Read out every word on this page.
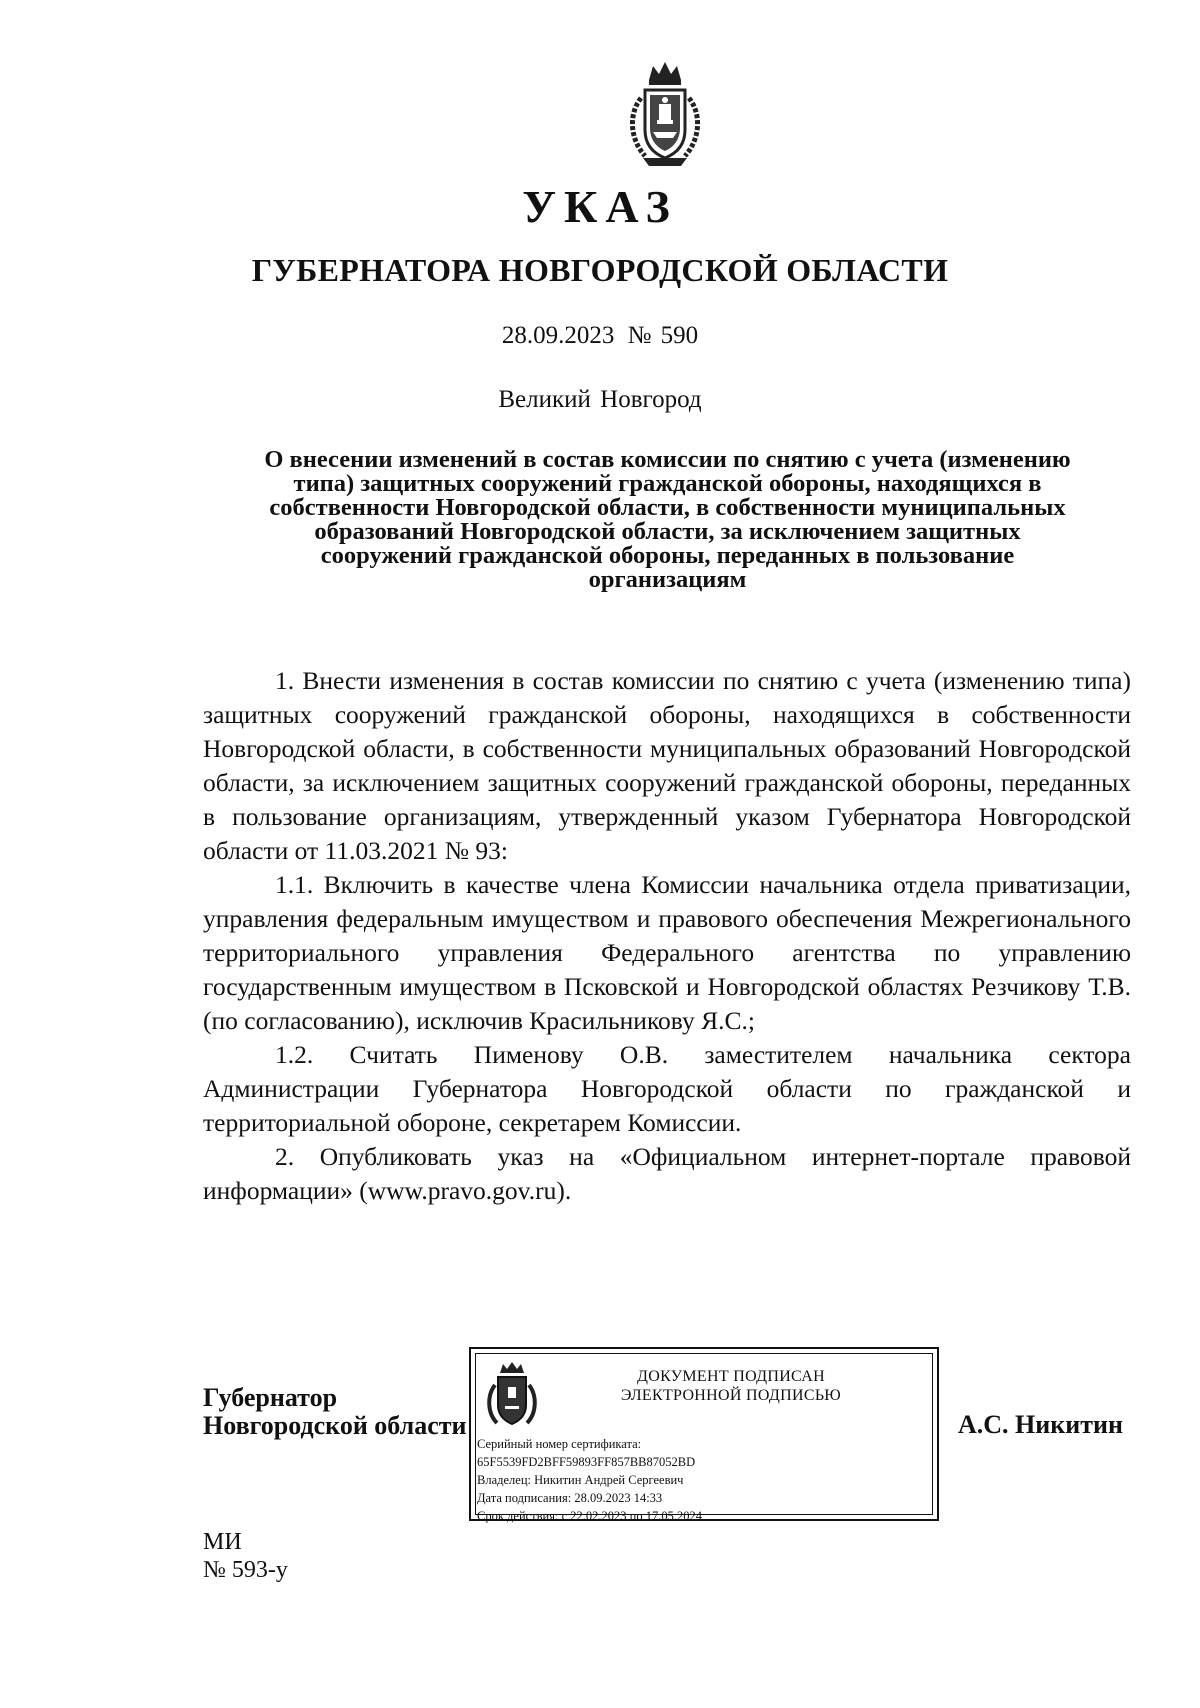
УКАЗ
ГУБЕРНАТОРА НОВГОРОДСКОЙ ОБЛАСТИ
28.09.2023 № 590
Великий Новгород
О внесении изменений в состав комиссии по снятию с учета (изменению
типа) защитных сооружений гражданской обороны, находящихся в
собственности Новгородской области, в собственности муниципальных
образований Новгородской области, за исключением защитных
сооружений гражданской обороны, переданных в пользование
организациям

1. Внести изменения в состав комиссии по снятию с учета (изменению типа) защитных сооружений гражданской обороны, находящихся в собственности Новгородской области, в собственности муниципальных образований Новгородской области, за исключением защитных сооружений гражданской обороны, переданных в пользование организациям, утвержденный указом Губернатора Новгородской области от 11.03.2021 № 93:

1.1. Включить в качестве члена Комиссии начальника отдела приватизации, управления федеральным имуществом и правового обеспечения Межрегионального территориального управления Федерального агентства по управлению государственным имуществом в Псковской и Новгородской областях Резчикову Т.В. (по согласованию), исключив Красильникову Я.С.;

1.2. Считать Пименову О.В. заместителем начальника сектора Администрации Губернатора Новгородской области по гражданской и территориальной обороне, секретарем Комиссии.

2. Опубликовать указ на «Официальном интернет-портале правовой информации» (www.pravo.gov.ru).

Губернатор
Новгородской области
ДОКУМЕНТ ПОДПИСАН
ЭЛЕКТРОННОЙ ПОДПИСЬЮ
Серийный номер сертификата:
65F5539FD2BFF59893FF857BB87052BD
Владелец: Никитин Андрей Сергеевич
Дата подписания: 28.09.2023 14:33
Срок действия: с 22.02.2023 по 17.05.2024
А.С. Никитин
МИ
№ 593-у
